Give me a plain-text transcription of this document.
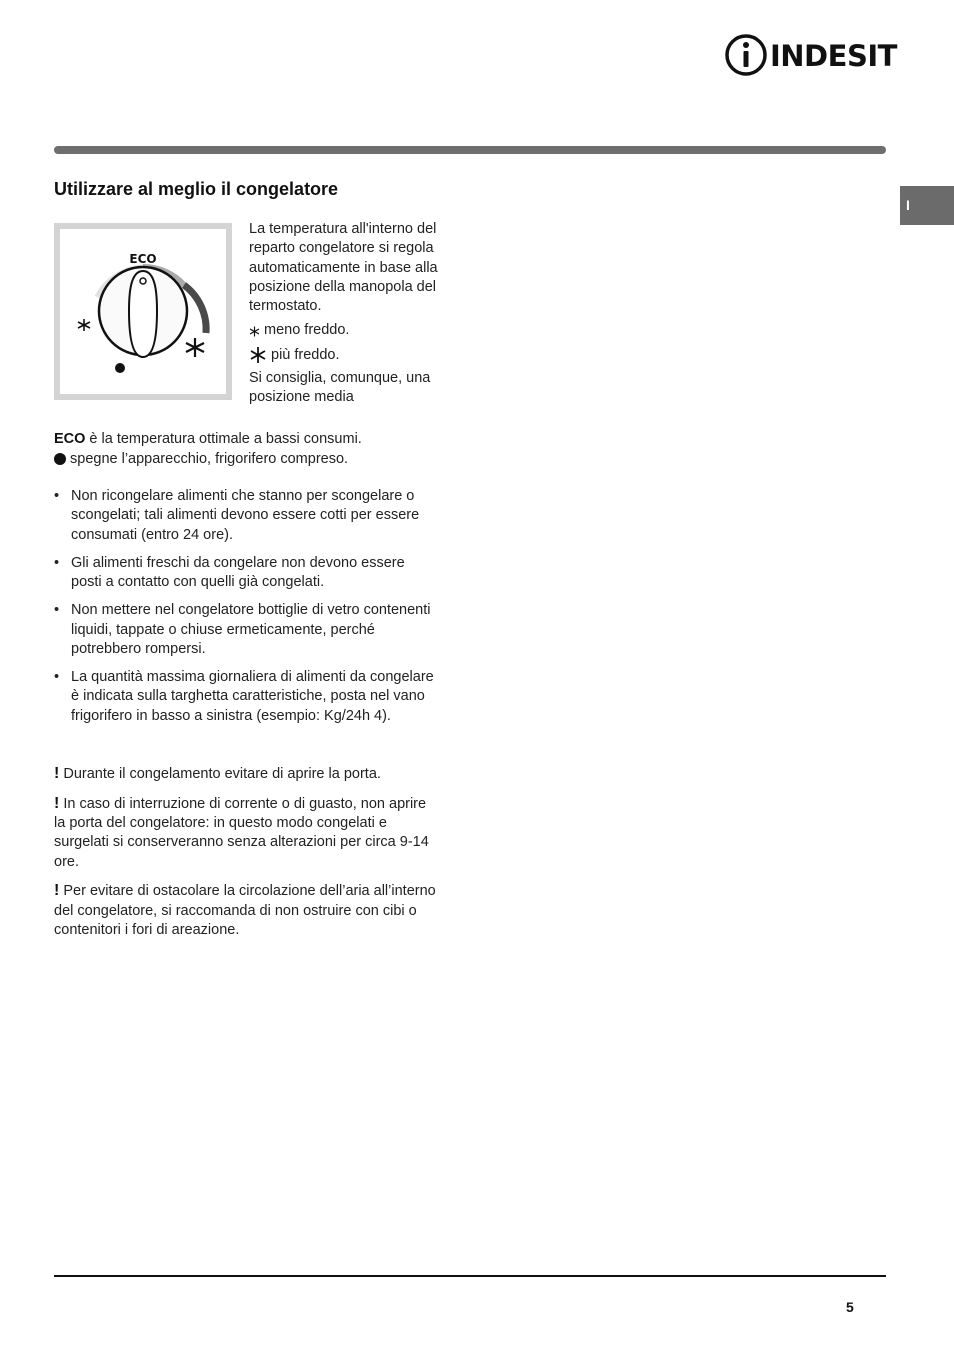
INDESIT
I
Utilizzare al meglio il congelatore
ECO

La temperatura all'interno del reparto congelatore si regola automaticamente in base alla posizione della manopola del termostato.

meno freddo.

più freddo.

Si consiglia, comunque, una posizione media

ECO è la temperatura ottimale a bassi consumi.

spegne l’apparecchio, frigorifero compreso.

• Non ricongelare alimenti che stanno per scongelare o scongelati; tali alimenti devono essere cotti per essere consumati (entro 24 ore).
• Gli alimenti freschi da congelare non devono essere posti a contatto con quelli già congelati.
• Non mettere nel congelatore bottiglie di vetro contenenti liquidi, tappate o chiuse ermeticamente, perché potrebbero rompersi.
• La quantità massima giornaliera di alimenti da congelare è indicata sulla targhetta caratteristiche, posta nel vano frigorifero in basso a sinistra (esempio: Kg/24h 4).

! Durante il congelamento evitare di aprire la porta.

! In caso di interruzione di corrente o di guasto, non aprire la porta del congelatore: in questo modo congelati e surgelati si conserveranno senza alterazioni per circa 9-14 ore.

! Per evitare di ostacolare la circolazione dell’aria all’interno del congelatore, si raccomanda di non ostruire con cibi o contenitori i fori di areazione.

5
